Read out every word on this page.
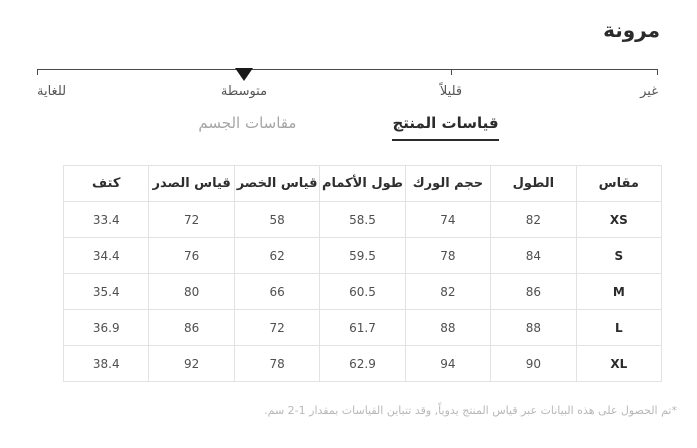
مرونة
غير
قليلاً
متوسطة
للغاية
قياسات المنتج
مقاسات الجسم
مقاس	الطول	حجم الورك	طول الأكمام	قياس الخصر	قياس الصدر	كتف
XS	82	74	58.5	58	72	33.4
S	84	78	59.5	62	76	34.4
M	86	82	60.5	66	80	35.4
L	88	88	61.7	72	86	36.9
XL	90	94	62.9	78	92	38.4
*تم الحصول على هذه البيانات عبر قياس المنتج يدوياً, وقد تتباين القياسات بمقدار 1-2 سم.
